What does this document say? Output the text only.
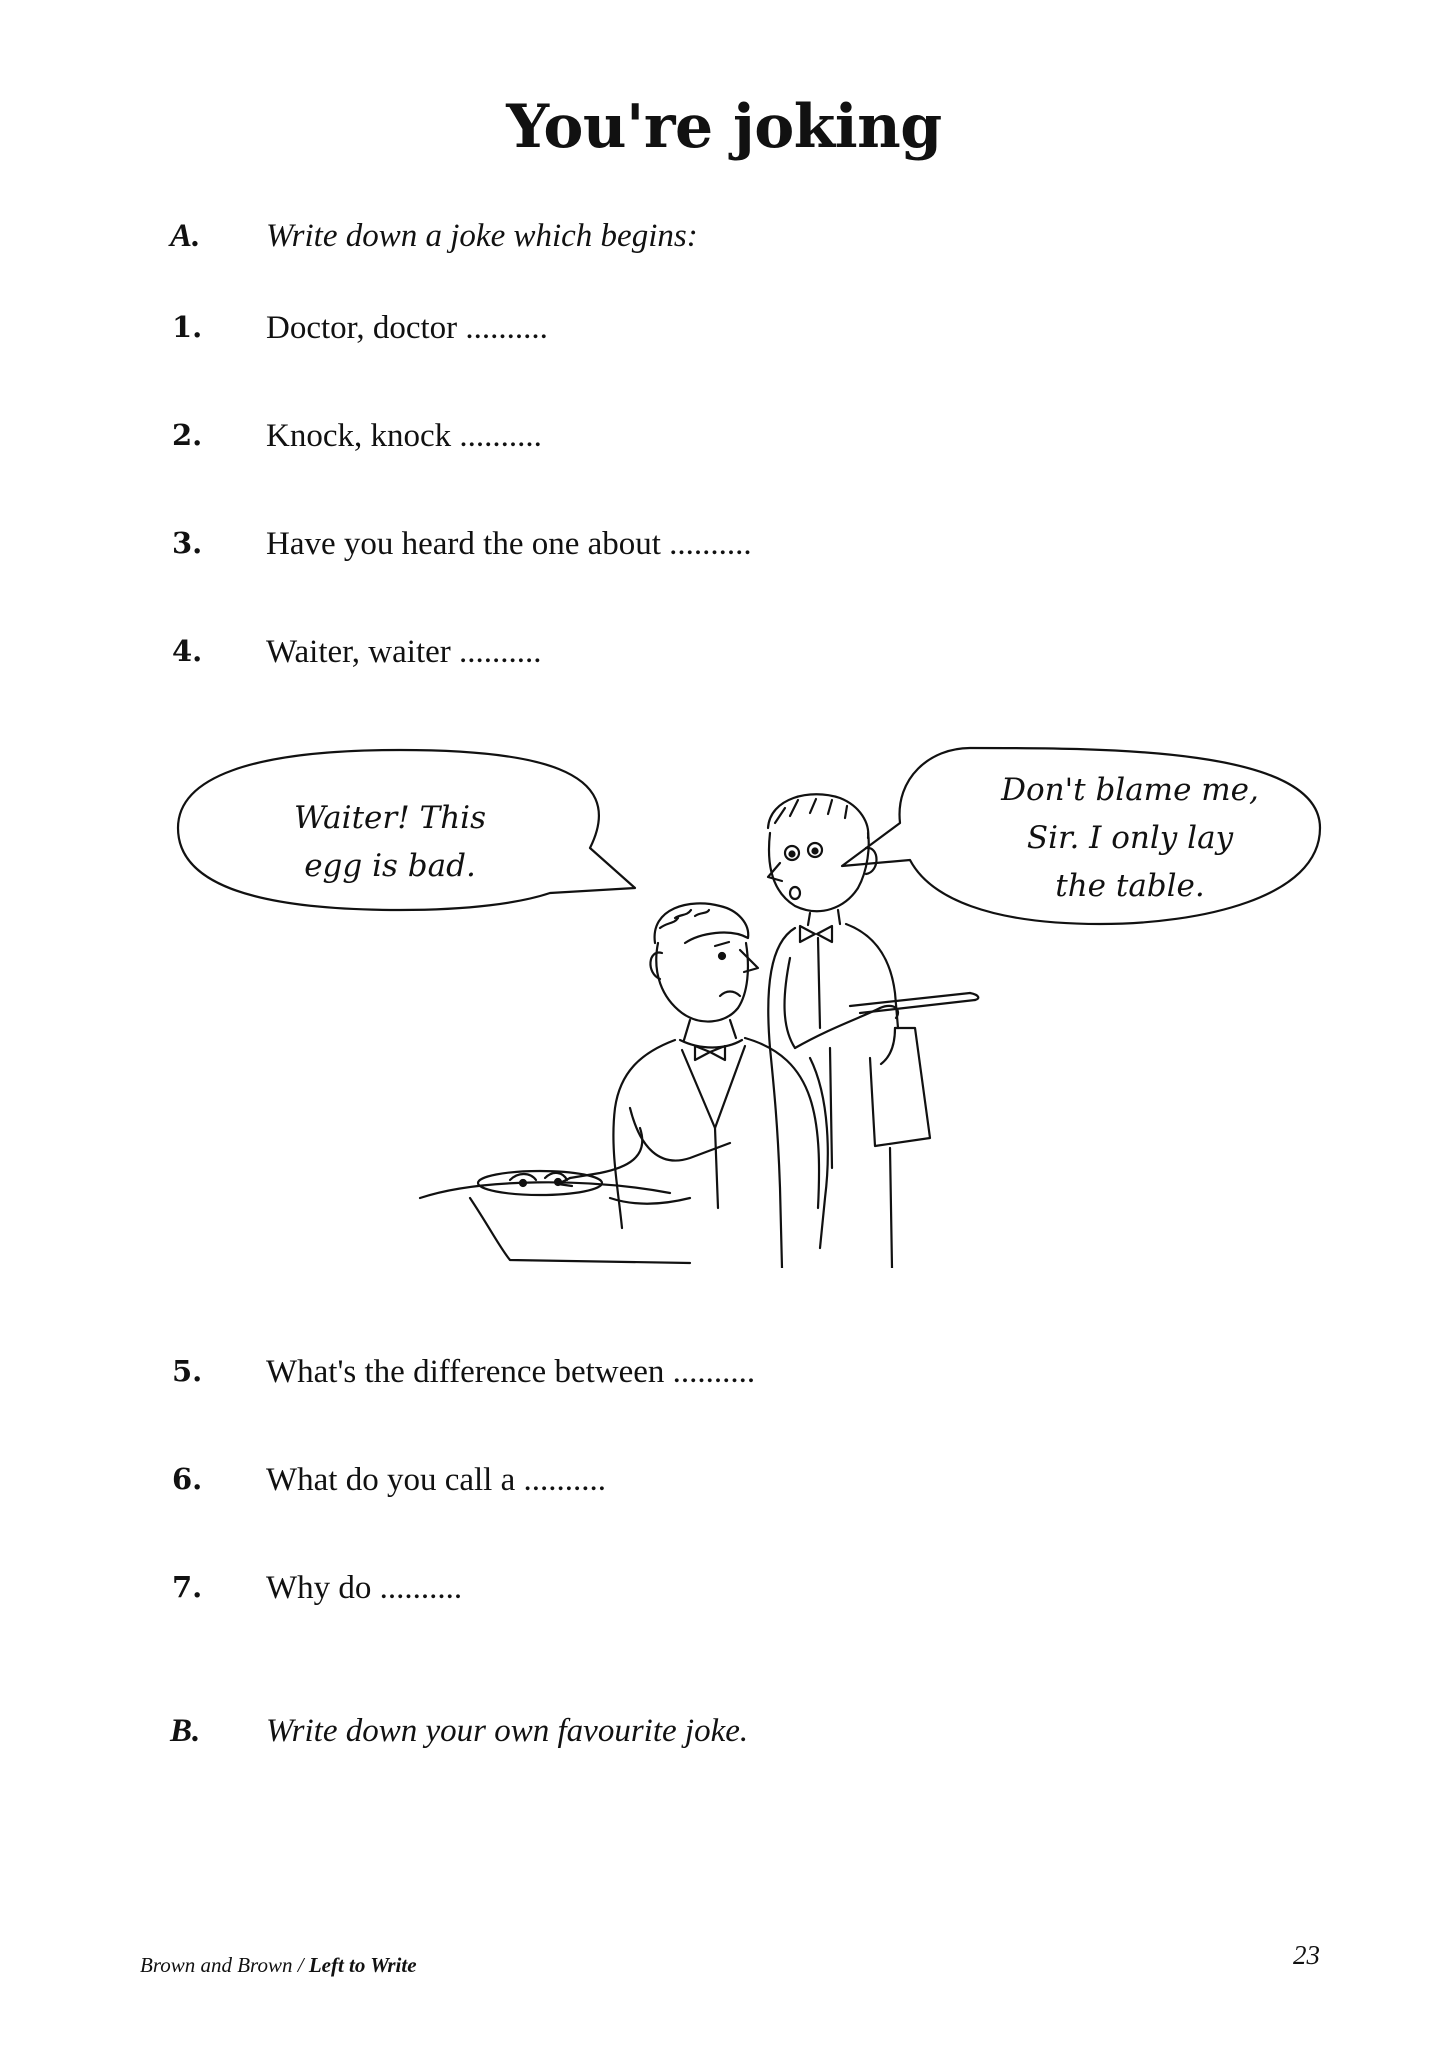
You're joking
A.	Write down a joke which begins:
1.	Doctor, doctor ..........
2.	Knock, knock ..........
3.	Have you heard the one about ..........
4.	Waiter, waiter ..........
Waiter! This
egg is bad.
Don't blame me,
Sir. I only lay
the table.
5.	What's the difference between ..........
6.	What do you call a ..........
7.	Why do ..........
B.	Write down your own favourite joke.
Brown and Brown / Left to Write	23
